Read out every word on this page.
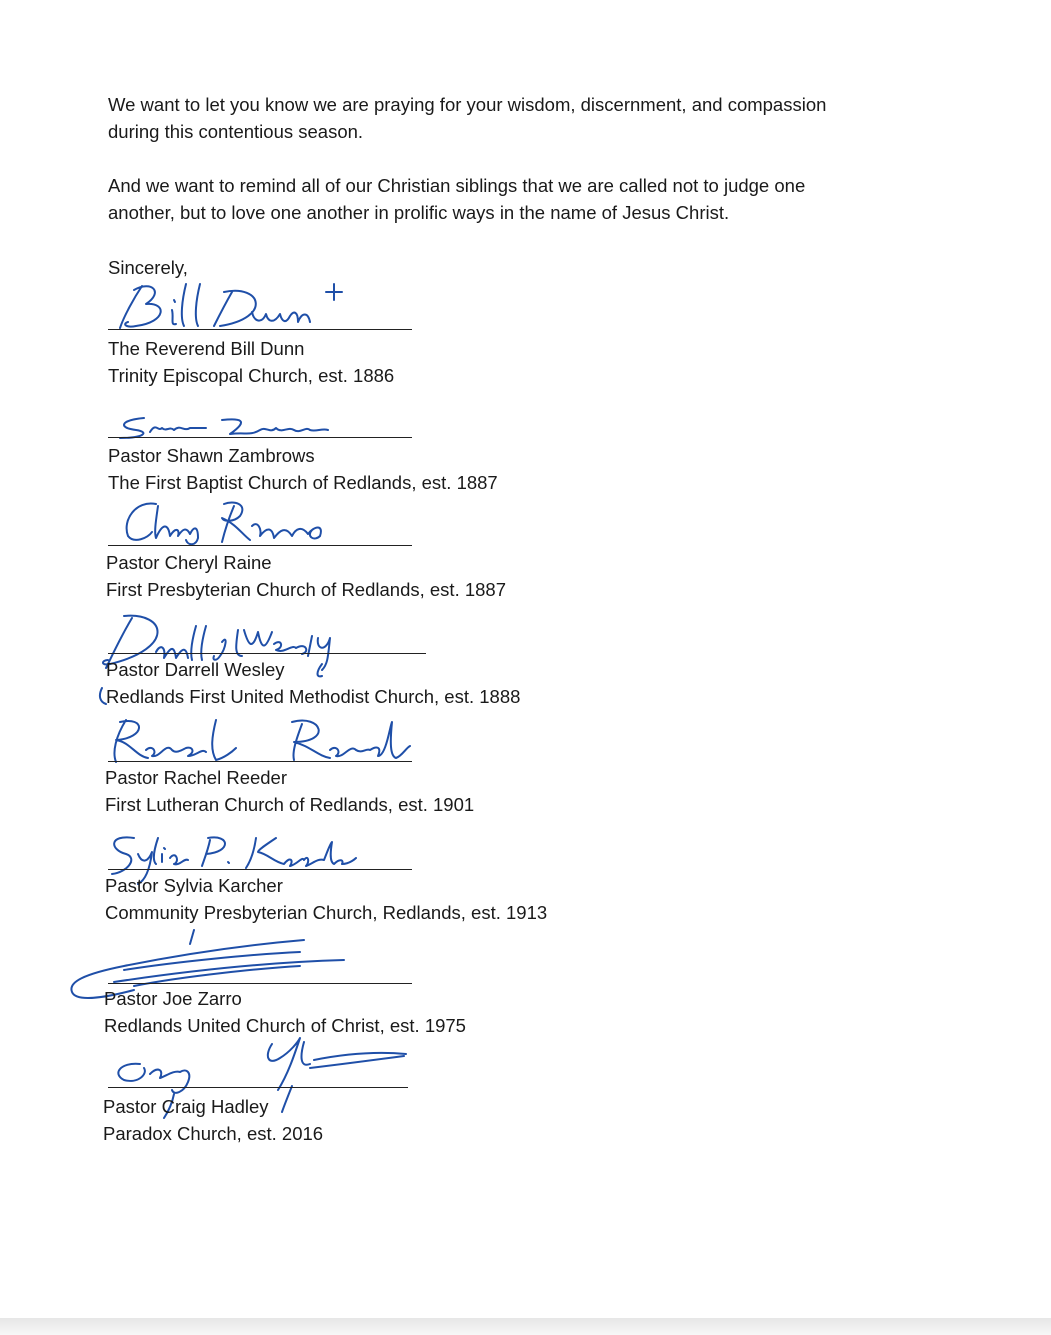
We want to let you know we are praying for your wisdom, discernment, and compassion
during this contentious season.
And we want to remind all of our Christian siblings that we are called not to judge one
another, but to love one another in prolific ways in the name of Jesus Christ.
Sincerely,
The Reverend Bill Dunn
Trinity Episcopal Church, est. 1886
Pastor Shawn Zambrows
The First Baptist Church of Redlands, est. 1887
Pastor Cheryl Raine
First Presbyterian Church of Redlands, est. 1887
Pastor Darrell Wesley
Redlands First United Methodist Church, est. 1888
Pastor Rachel Reeder
First Lutheran Church of Redlands, est. 1901
Pastor Sylvia Karcher
Community Presbyterian Church, Redlands, est. 1913
Pastor Joe Zarro
Redlands United Church of Christ, est. 1975
Pastor Craig Hadley
Paradox Church, est. 2016
